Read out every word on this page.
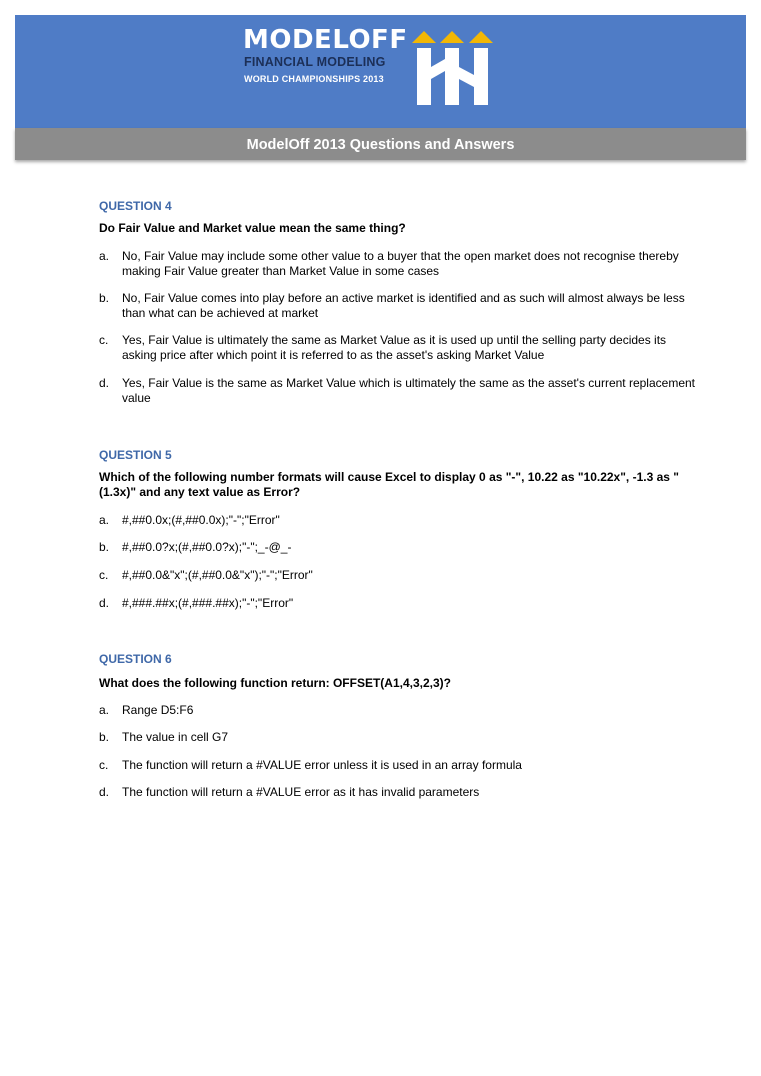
MODELOFF
FINANCIAL MODELING
WORLD CHAMPIONSHIPS 2013
ModelOff 2013 Questions and Answers
QUESTION 4
Do Fair Value and Market value mean the same thing?
a. No, Fair Value may include some other value to a buyer that the open market does not recognise thereby making Fair Value greater than Market Value in some cases
b. No, Fair Value comes into play before an active market is identified and as such will almost always be less than what can be achieved at market
c. Yes, Fair Value is ultimately the same as Market Value as it is used up until the selling party decides its asking price after which point it is referred to as the asset's asking Market Value
d. Yes, Fair Value is the same as Market Value which is ultimately the same as the asset's current replacement value
QUESTION 5
Which of the following number formats will cause Excel to display 0 as "-", 10.22 as "10.22x", -1.3 as "(1.3x)" and any text value as Error?
a. #,##0.0x;(#,##0.0x);"-";"Error"
b. #,##0.0?x;(#,##0.0?x);"-";_-@_-
c. #,##0.0&"x";(#,##0.0&"x");"-";"Error"
d. #,###.##x;(#,###.##x);"-";"Error"
QUESTION 6
What does the following function return: OFFSET(A1,4,3,2,3)?
a. Range D5:F6
b. The value in cell G7
c. The function will return a #VALUE error unless it is used in an array formula
d. The function will return a #VALUE error as it has invalid parameters
